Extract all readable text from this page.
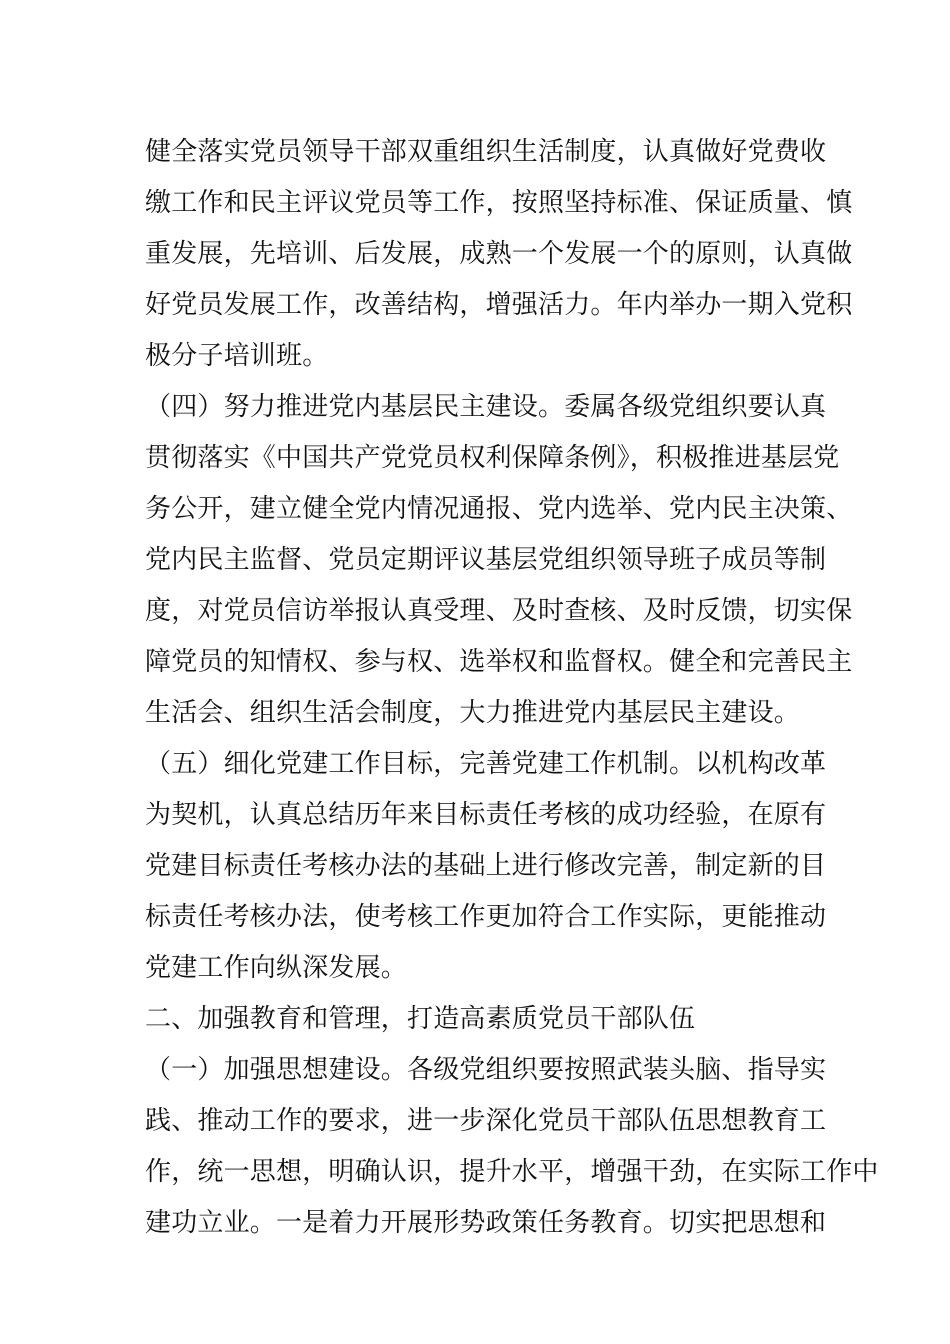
健全落实党员领导干部双重组织生活制度，认真做好党费收
缴工作和民主评议党员等工作，按照坚持标准、保证质量、慎
重发展，先培训、后发展，成熟一个发展一个的原则，认真做
好党员发展工作，改善结构，增强活力。年内举办一期入党积
极分子培训班。
（四）努力推进党内基层民主建设。委属各级党组织要认真
贯彻落实《中国共产党党员权利保障条例》，积极推进基层党
务公开，建立健全党内情况通报、党内选举、党内民主决策、
党内民主监督、党员定期评议基层党组织领导班子成员等制
度，对党员信访举报认真受理、及时查核、及时反馈，切实保
障党员的知情权、参与权、选举权和监督权。健全和完善民主
生活会、组织生活会制度，大力推进党内基层民主建设。
（五）细化党建工作目标，完善党建工作机制。以机构改革
为契机，认真总结历年来目标责任考核的成功经验，在原有
党建目标责任考核办法的基础上进行修改完善，制定新的目
标责任考核办法，使考核工作更加符合工作实际，更能推动
党建工作向纵深发展。
二、加强教育和管理，打造高素质党员干部队伍
（一）加强思想建设。各级党组织要按照武装头脑、指导实
践、推动工作的要求，进一步深化党员干部队伍思想教育工
作，统一思想，明确认识，提升水平，增强干劲，在实际工作中
建功立业。一是着力开展形势政策任务教育。切实把思想和
